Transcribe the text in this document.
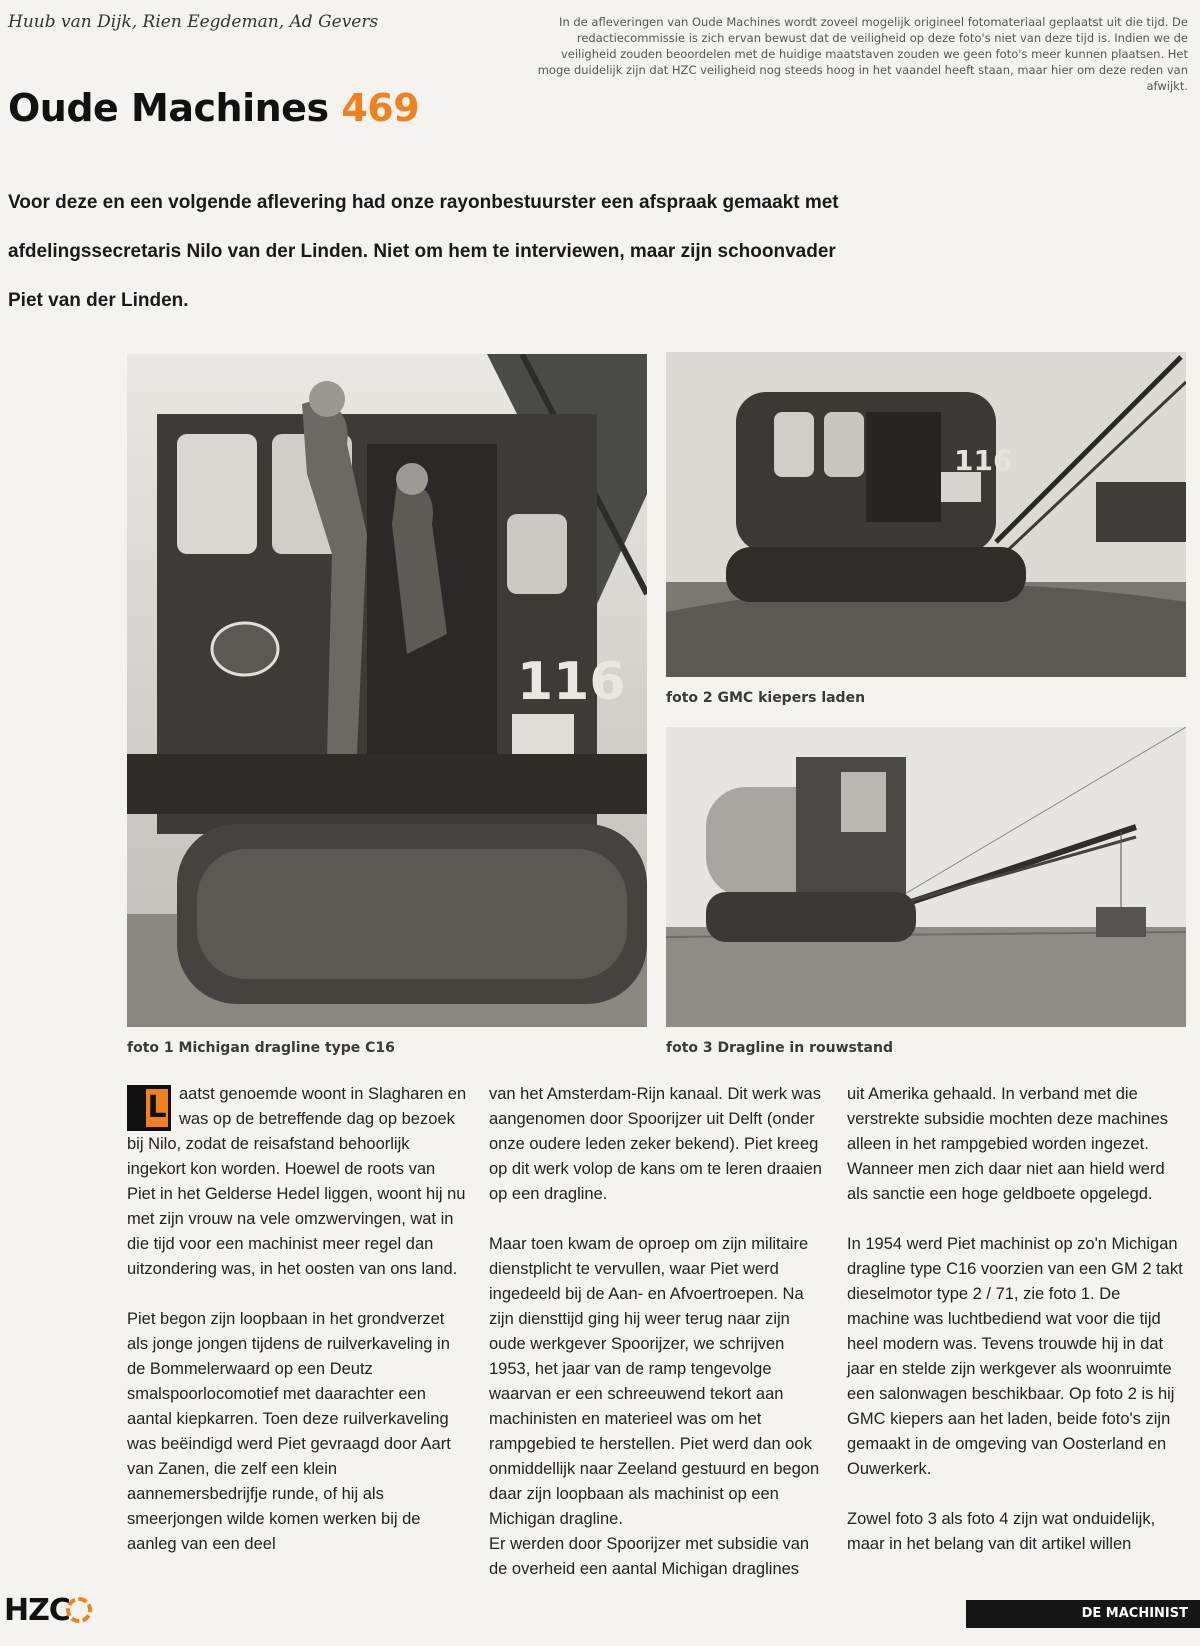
Huub van Dijk, Rien Eegdeman, Ad Gevers	In de afleveringen van Oude Machines wordt zoveel mogelijk origineel fotomateriaal geplaatst uit die tijd. De redactiecommissie is zich ervan bewust dat de veiligheid op deze foto's niet van deze tijd is. Indien we de veiligheid zouden beoordelen met de huidige maatstaven zouden we geen foto's meer kunnen plaatsen. Het moge duidelijk zijn dat HZC veiligheid nog steeds hoog in het vaandel heeft staan, maar hier om deze reden van afwijkt.
Oude Machines 469
Voor deze en een volgende aflevering had onze rayonbestuurster een afspraak gemaakt met afdelingssecretaris Nilo van der Linden. Niet om hem te interviewen, maar zijn schoonvader Piet van der Linden.
116
foto 1 Michigan dragline type C16
116
foto 2 GMC kiepers laden
foto 3 Dragline in rouwstand
L aatst genoemde woont in Slagharen en was op de betreffende dag op bezoek bij Nilo, zodat de reisafstand behoorlijk ingekort kon worden. Hoewel de roots van Piet in het Gelderse Hedel liggen, woont hij nu met zijn vrouw na vele omzwervingen, wat in die tijd voor een machinist meer regel dan uitzondering was, in het oosten van ons land.

Piet begon zijn loopbaan in het grondverzet als jonge jongen tijdens de ruilverkaveling in de Bommelerwaard op een Deutz smalspoorlocomotief met daarachter een aantal kiepkarren. Toen deze ruilverkaveling was beëindigd werd Piet gevraagd door Aart van Zanen, die zelf een klein aannemersbedrijfje runde, of hij als smeerjongen wilde komen werken bij de aanleg van een deel

van het Amsterdam-Rijn kanaal. Dit werk was aangenomen door Spoorijzer uit Delft (onder onze oudere leden zeker bekend). Piet kreeg op dit werk volop de kans om te leren draaien op een dragline.

Maar toen kwam de oproep om zijn militaire dienstplicht te vervullen, waar Piet werd ingedeeld bij de Aan- en Afvoertroepen. Na zijn diensttijd ging hij weer terug naar zijn oude werkgever Spoorijzer, we schrijven 1953, het jaar van de ramp tengevolge waarvan er een schreeuwend tekort aan machinisten en materieel was om het rampgebied te herstellen. Piet werd dan ook onmiddellijk naar Zeeland gestuurd en begon daar zijn loopbaan als machinist op een Michigan dragline.

Er werden door Spoorijzer met subsidie van de overheid een aantal Michigan draglines

uit Amerika gehaald. In verband met die verstrekte subsidie mochten deze machines alleen in het rampgebied worden ingezet. Wanneer men zich daar niet aan hield werd als sanctie een hoge geldboete opgelegd.

In 1954 werd Piet machinist op zo'n Michigan dragline type C16 voorzien van een GM 2 takt dieselmotor type 2 / 71, zie foto 1. De machine was luchtbediend wat voor die tijd heel modern was. Tevens trouwde hij in dat jaar en stelde zijn werkgever als woonruimte een salonwagen beschikbaar. Op foto 2 is hij GMC kiepers aan het laden, beide foto's zijn gemaakt in de omgeving van Oosterland en Ouwerkerk.

Zowel foto 3 als foto 4 zijn wat onduidelijk, maar in het belang van dit artikel willen

HZC	DE MACHINIST
